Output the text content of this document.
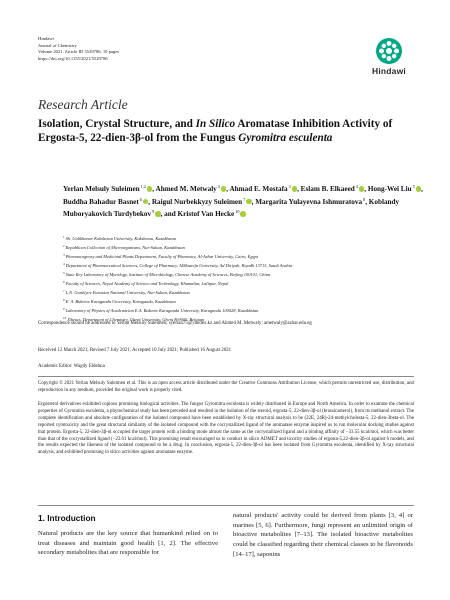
Hindawi
Journal of Chemistry
Volume 2021, Article ID 5529786, 10 pages
https://doi.org/10.1155/2021/5529786
Hindawi
Research Article
Isolation, Crystal Structure, and In Silico Aromatase Inhibition Activity of Ergosta-5, 22-dien-3β-ol from the Fungus Gyromitra esculenta
Yerlan Melsuly Suleimen$^{1,2}$ , Ahmed M. Metwaly$^3$ , Ahmad E. Mostafa$^3$ , Eslam B. Elkaeed$^4$ , Hong-Wei Liu$^5$ , Buddha Bahadur Basnet$^6$ , Raigul Nurbekkyzy Suleimen$^7$ , Margarita Yulayevna Ishmuratova$^8$, Koblandy Muboryakovich Turdybekov$^9$ , and Kristof Van Hecke$^{10}$
$^1$Sh. Ualikhanov Kokshetau University, Kokshetau, Kazakhstan
$^2$Republican Collection of Microorganisms, Nur-Sultan, Kazakhstan
$^3$Pharmacognosy and Medicinal Plants Department, Faculty of Pharmacy, Al-Azhar University, Cairo, Egypt
$^4$Department of Pharmaceutical Sciences, College of Pharmacy, AlMaarefa University, Ad Diriyah, Riyadh 13713, Saudi Arabia
$^5$State Key Laboratory of Mycology, Institute of Microbiology, Chinese Academy of Sciences, Beijing 100101, China
$^6$Faculty of Sciences, Nepal Academy of Science and Technology, Khumaltar, Lalitpur, Nepal
$^7$L.N. Gumilyov Eurasian National University, Nur-Sultan, Kazakhstan
$^8$E. A. Buketov Karaganda University, Karaganda, Kazakhstan
$^9$Laboratory of Physics of Academician E.A. Buketov Karaganda University, Karaganda 100028, Kazakhstan
$^{10}$XStruct, Department of Chemistry, Ghent University, Ghent B-9000, Belgium
Correspondence should be addressed to Yerlan Melsuly Suleimen; syerlan75@yandex.kz and Ahmed M. Metwaly; ametwaly@azhar.edu.eg
Received 12 March 2021; Revised 7 July 2021; Accepted 10 July 2021; Published 16 August 2021
Academic Editor: Wagdy Eldehna
Copyright © 2021 Yerlan Melsuly Suleimen et al. This is an open access article distributed under the Creative Commons Attribution License, which permits unrestricted use, distribution, and reproduction in any medium, provided the original work is properly cited.
Ergosterol derivatives exhibited copious promising biological activities. The fungus Gyromitra esculenta is widely distributed in Europe and North America. In order to examine the chemical properties of Gyromitra esculenta, a phytochemical study has been preceded and resulted in the isolation of the steroid, ergosta-5, 22-dien-3β-ol (brassicasterol), from its methanol extract. The complete identification and absolute configuration of the isolated compound have been established by X-ray structural analysis to be (22E, 24R)-24-methylcholesta-5, 22-dien-3beta-ol. The reported cytotoxicity and the great structural similarity of the isolated compound with the cocrystallized ligand of the aromatase enzyme inspired us to run molecular docking studies against that protein. Ergosta-5, 22-dien-3β-ol occupied the target protein with a binding mode almost the same as the cocrystallized ligand and a binding affinity of −33.55 kcal/mol, which was better than that of the cocrystallized ligand (−22.61 kcal/mol). This promising result encouraged us to conduct in silico ADMET and toxicity studies of ergosta-5,22-dien-3β-ol against 6 models, and the results expected the likeness of the isolated compound to be a drug. In conclusion, ergosta-5, 22-dien-3β-ol has been isolated from Gyromitra esculenta, identified by X-ray structural analysis, and exhibited promising in silico activities against aromatase enzyme.
1. Introduction
Natural products are the key source that humankind relied on to treat diseases and maintain good health [1, 2]. The effective secondary metabolites that are responsible for
natural products' activity could be derived from plants [3, 4] or marines [5, 6]. Furthermore, fungi represent an unlimited origin of bioactive metabolites [7–13]. The isolated bioactive metabolites could be classified regarding their chemical classes to be flavonoids [14–17], saponins
